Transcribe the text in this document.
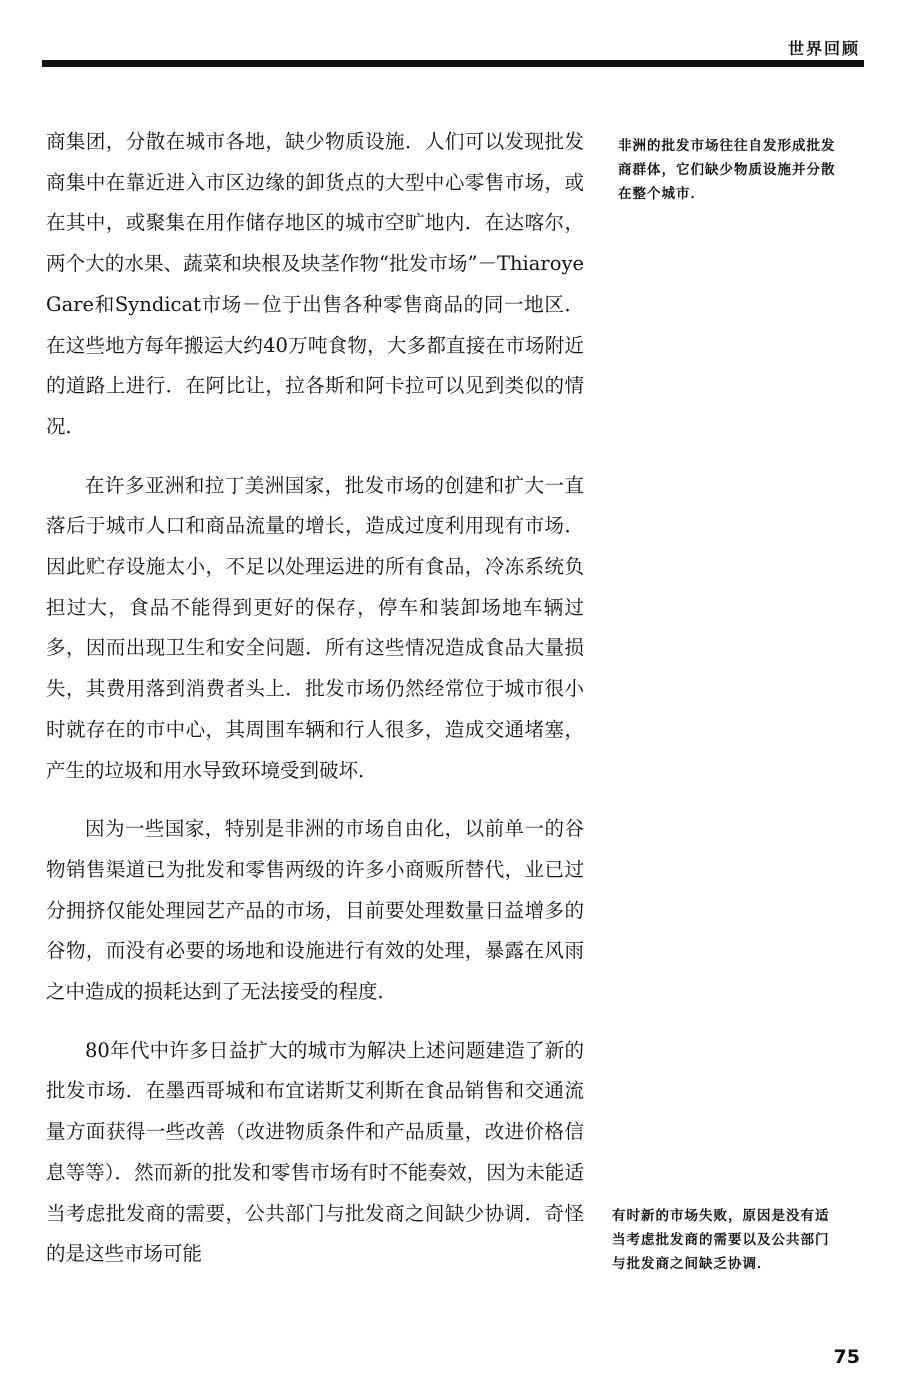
世界回顾

商集团，分散在城市各地，缺少物质设施．人们可以发现批发商集中在靠近进入市区边缘的卸货点的大型中心零售市场，或在其中，或聚集在用作储存地区的城市空旷地内．在达喀尔，两个大的水果、蔬菜和块根及块茎作物“批发市场”－Thiaroye Gare和Syndicat市场－位于出售各种零售商品的同一地区．在这些地方每年搬运大约40万吨食物，大多都直接在市场附近的道路上进行．在阿比让，拉各斯和阿卡拉可以见到类似的情况．

在许多亚洲和拉丁美洲国家，批发市场的创建和扩大一直落后于城市人口和商品流量的增长，造成过度利用现有市场．因此贮存设施太小，不足以处理运进的所有食品，冷冻系统负担过大，食品不能得到更好的保存，停车和装卸场地车辆过多，因而出现卫生和安全问题．所有这些情况造成食品大量损失，其费用落到消费者头上．批发市场仍然经常位于城市很小时就存在的市中心，其周围车辆和行人很多，造成交通堵塞，产生的垃圾和用水导致环境受到破坏．

因为一些国家，特别是非洲的市场自由化，以前单一的谷物销售渠道已为批发和零售两级的许多小商贩所替代，业已过分拥挤仅能处理园艺产品的市场，目前要处理数量日益增多的谷物，而没有必要的场地和设施进行有效的处理，暴露在风雨之中造成的损耗达到了无法接受的程度．

80年代中许多日益扩大的城市为解决上述问题建造了新的批发市场．在墨西哥城和布宜诺斯艾利斯在食品销售和交通流量方面获得一些改善（改进物质条件和产品质量，改进价格信息等等）．然而新的批发和零售市场有时不能奏效，因为未能适当考虑批发商的需要，公共部门与批发商之间缺少协调．奇怪的是这些市场可能

非洲的批发市场往往自发形成批发商群体，它们缺少物质设施并分散在整个城市．
有时新的市场失败，原因是没有适当考虑批发商的需要以及公共部门与批发商之间缺乏协调．
75
